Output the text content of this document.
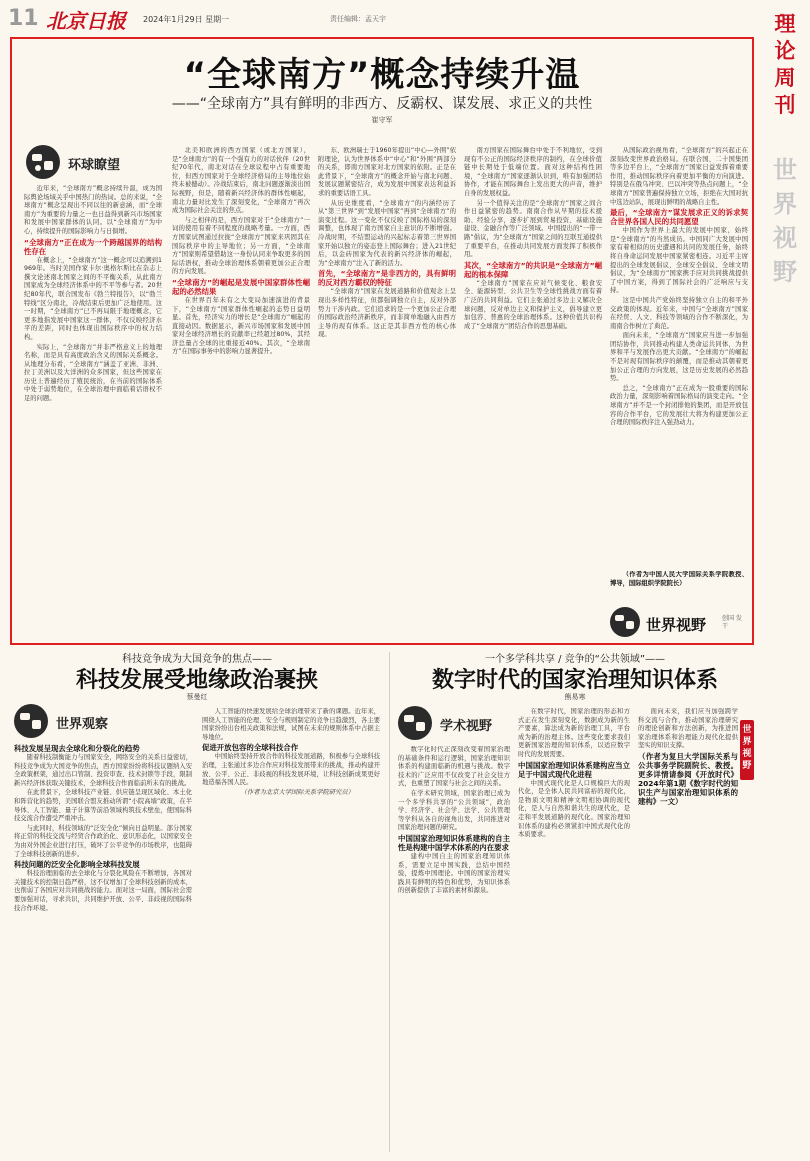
11 北京日报 2024年1月29日 星期一	责任编辑：孟天宇	理论周刊
世界视野
“全球南方”概念持续升温
——“全球南方”具有鲜明的非西方、反霸权、谋发展、求正义的共性
崔守军
环球瞭望

近年来，“全球南方”概念持续升温，成为国际舆论场域关乎中国热门的热词。总的来说，“全球南方”概念呈现出不同以往的新意涵，而“全球南方”为重要的力量之一也日益得到新兴市场国家和发展中国家群体的认同。以“全球南方”为中心，持续提升的国际影响力与日俱增。

“全球南方”正在成为一个跨越国界的结构性存在

在概念上，“全球南方”这一概念可以追溯到1969年。当时美国作家卡尔·奥格尔斯比在杂志上撰文论述南北国家之间的不平衡关系，从此南方国家成为全球经济体系中的不平等参与者。20世纪80年代，联合国发布《勃兰特报告》，以“勃兰特线”区分南北，冷战结束后更加广泛地使用。这一时期，“全球南方”已不再局限于地理概念，它更多地指发展中国家这一群体，不仅反映经济水平的差距，同时也体现出国际秩序中的权力结构。

实际上，“全球南方”并非严格意义上的地理名称，而是具有高度政治含义的国际关系概念。从地理分布看，“全球南方”涵盖了亚洲、非洲、拉丁美洲以及大洋洲的众多国家，但这些国家在历史上普遍经历了殖民统治，在当前的国际体系中处于弱势地位，在全球治理中面临着话语权不足的问题。

北美和欧洲的西方国家（或北方国家），是“全球南方”的有一个强有力的对话伙伴（20世纪70年代，南北对话在全球议程中占有重要地位，但西方国家对于全球经济格局的主导地位始终未被撼动）。冷战结束后，南北问题逐渐淡出国际视野，但是，随着新兴经济体的群体性崛起，南北力量对比发生了深刻变化，“全球南方”再次成为国际社会关注的焦点。

与之相伴的是，西方国家对于“全球南方”一词的使用有着不同程度的战略考量。一方面，西方国家试图通过拉拢“全球南方”国家来巩固其在国际秩序中的主导地位；另一方面，“全球南方”国家则希望借助这一身份认同来争取更多的国际话语权，推动全球治理体系朝着更加公正合理的方向发展。

“全球南方”的崛起是发展中国家群体性崛起的必然结果

在世界百年未有之大变局加速演进的背景下，“全球南方”国家群体性崛起的态势日益明显。首先，经济实力的增长是“全球南方”崛起的直接动因。数据显示，新兴市场国家和发展中国家对全球经济增长的贡献率已经超过80%，其经济总量占全球的比重接近40%。其次，“全球南方”在国际事务中的影响力显著提升。

东、欧洲瑞士于1960年提出“中心—外围”依附理论，认为世界体系中“中心”和“外围”两部分的关系，即南方国家对北方国家的依附。正是在此背景下，“全球南方”的概念开始与南北问题、发展议题紧密结合，成为发展中国家表达利益诉求的重要话语工具。

从历史维度看，“全球南方”的内涵经历了从“第三世界”到“发展中国家”再到“全球南方”的演变过程。这一变化不仅反映了国际格局的深刻调整，也体现了南方国家自主意识的不断增强。冷战时期，不结盟运动的兴起标志着第三世界国家开始以独立的姿态登上国际舞台；进入21世纪后，以金砖国家为代表的新兴经济体的崛起，为“全球南方”注入了新的活力。

首先，“全球南方”是非西方的，具有鲜明的反对西方霸权的特征

“全球南方”国家在发展道路和价值观念上呈现出多样性特征，但都强调独立自主，反对外部势力干涉内政。它们追求的是一个更加公正合理的国际政治经济新秩序，而非简单地融入由西方主导的现有体系。这正是其非西方性的核心体现。

南方国家在国际舞台中处于不利地位，受到现有不公正的国际经济秩序的制约，在全球价值链中长期处于低端位置。面对这种结构性困境，“全球南方”国家逐渐认识到，唯有加强团结协作，才能在国际舞台上发出更大的声音，维护自身的发展权益。

另一个值得关注的是“全球南方”国家之间合作日益紧密的趋势。南南合作从早期的技术援助、经验分享，逐步扩展到贸易投资、基础设施建设、金融合作等广泛领域。中国提出的“一带一路”倡议，为“全球南方”国家之间的互联互通提供了重要平台，在推动共同发展方面发挥了积极作用。

其次，“全球南方”的共识是“全球南方”崛起的根本保障

“全球南方”国家在应对气候变化、粮食安全、能源转型、公共卫生等全球性挑战方面有着广泛的共同利益。它们主张通过多边主义解决全球问题，反对单边主义和保护主义，倡导建立更加包容、普惠的全球治理体系。这种价值共识构成了“全球南方”团结合作的思想基础。

从国际政治视角看，“全球南方”的兴起正在深刻改变世界政治格局。在联合国、二十国集团等多边平台上，“全球南方”国家日益发挥着重要作用，推动国际秩序向着更加平衡的方向演进。特别是在俄乌冲突、巴以冲突等热点问题上，“全球南方”国家普遍保持独立立场，拒绝在大国对抗中选边站队，展现出鲜明的战略自主性。

最后，“全球南方”谋发展求正义的诉求契合世界各国人民的共同愿望

中国作为世界上最大的发展中国家，始终是“全球南方”的当然成员。中国同广大发展中国家有着相似的历史遭遇和共同的发展任务，始终将自身命运同发展中国家紧密相连。习近平主席提出的全球发展倡议、全球安全倡议、全球文明倡议，为“全球南方”国家携手应对共同挑战提供了中国方案，得到了国际社会的广泛响应与支持。

这是中国共产党始终坚持独立自主的和平外交政策的体现。近年来，中国与“全球南方”国家在经贸、人文、科技等领域的合作不断深化，为南南合作树立了典范。

面向未来，“全球南方”国家应当进一步加强团结协作，共同推动构建人类命运共同体，为世界和平与发展作出更大贡献。“全球南方”的崛起不是对现有国际秩序的颠覆，而是推动其朝着更加公正合理的方向发展，这是历史发展的必然趋势。

总之，“全球南方”正在成为一股重要的国际政治力量，深刻影响着国际格局的演变走向。“全球南方”并不是一个封闭排他的集团，而是开放包容的合作平台，它的发展壮大将为构建更加公正合理的国际秩序注入强劲动力。

（作者为中国人民大学国际关系学院教授、博导，国际组织学院院长）

世界视野	创国 发干
科技竞争成为大国竞争的焦点——
科技发展受地缘政治裹挟
蔡曼红
世界观察

科技发展呈现去全球化和分裂化的趋势

随着科技制衡能力与国家安全，网络安全的关系日益密切，科技竞争成为大国竞争的焦点，西方国家纷纷将科技议题纳入安全政策框架，通过出口管制、投资审查、技术封锁等手段，限制新兴经济体获取关键技术，全球科技合作面临前所未有的挑战。

在此背景下，全球科技产业链、供应链呈现区域化、本土化和阵营化的趋势，美国联合盟友推动所谓“小院高墙”政策，在半导体、人工智能、量子计算等前沿领域构筑技术壁垒，使国际科技交流合作遭受严重冲击。

与此同时，科技领域的“泛安全化”倾向日益明显。部分国家将正常的科技交流与经贸合作政治化、意识形态化，以国家安全为由对外国企业进行打压，破坏了公平竞争的市场秩序，也阻碍了全球科技创新的进步。

科技问题的泛安全化影响全球科技发展

科技治理面临的去全球化与分裂化风险在不断增加，各国对关键技术的控制日趋严格，这不仅增加了全球科技创新的成本，也削弱了各国应对共同挑战的能力。面对这一局面，国际社会需要加强对话，寻求共识，共同维护开放、公平、非歧视的国际科技合作环境。

人工智能的快速发展给全球治理带来了新的课题。近年来，围绕人工智能的伦理、安全与规则制定的竞争日趋激烈，各主要国家纷纷出台相关政策和法规，试图在未来的规则体系中占据主导地位。

促进开放包容的全球科技合作

中国始终坚持开放合作的科技发展道路，积极参与全球科技治理，主张通过多边合作应对科技发展带来的挑战，推动构建开放、公平、公正、非歧视的科技发展环境，让科技创新成果更好地造福各国人民。

（作者为北京大学国际关系学院研究员）

一个多学科共享 / 竞争的“公共领域”——
数字时代的国家治理知识体系
熊易寒
学术视野

数字化时代正深刻改变着国家治理的基础条件和运行逻辑，国家治理知识体系的构建面临新的机遇与挑战。数字技术的广泛应用不仅改变了社会交往方式，也重塑了国家与社会之间的关系。

在学术研究领域，国家治理已成为一个多学科共享的“公共领域”，政治学、经济学、社会学、法学、公共管理等学科从各自的视角出发，共同推进对国家治理问题的研究。

中国国家治理知识体系建构的自主性是构建中国学术体系的内在要求

建构中国自主的国家治理知识体系，需要立足中国实践，总结中国经验，提炼中国理论。中国的国家治理实践具有鲜明的特色和优势，为知识体系的创新提供了丰富的素材和源泉。

在数字时代，国家治理的形态和方式正在发生深刻变化，数据成为新的生产要素，算法成为新的治理工具，平台成为新的治理主体。这些变化要求我们更新国家治理的知识体系，以适应数字时代的发展需要。

中国国家治理知识体系建构应当立足于中国式现代化进程

中国式现代化是人口规模巨大的现代化，是全体人民共同富裕的现代化，是物质文明和精神文明相协调的现代化，是人与自然和谐共生的现代化，是走和平发展道路的现代化。国家治理知识体系的建构必须紧扣中国式现代化的本质要求。

面向未来，我们应当加强跨学科交流与合作，推动国家治理研究的理论创新和方法创新，为推进国家治理体系和治理能力现代化提供坚实的知识支撑。

（作者为复旦大学国际关系与公共事务学院副院长、教授。更多详情请参阅《开放时代》2024年第1期《数字时代的知识生产与国家治理知识体系的建构》一文）

世界视野
